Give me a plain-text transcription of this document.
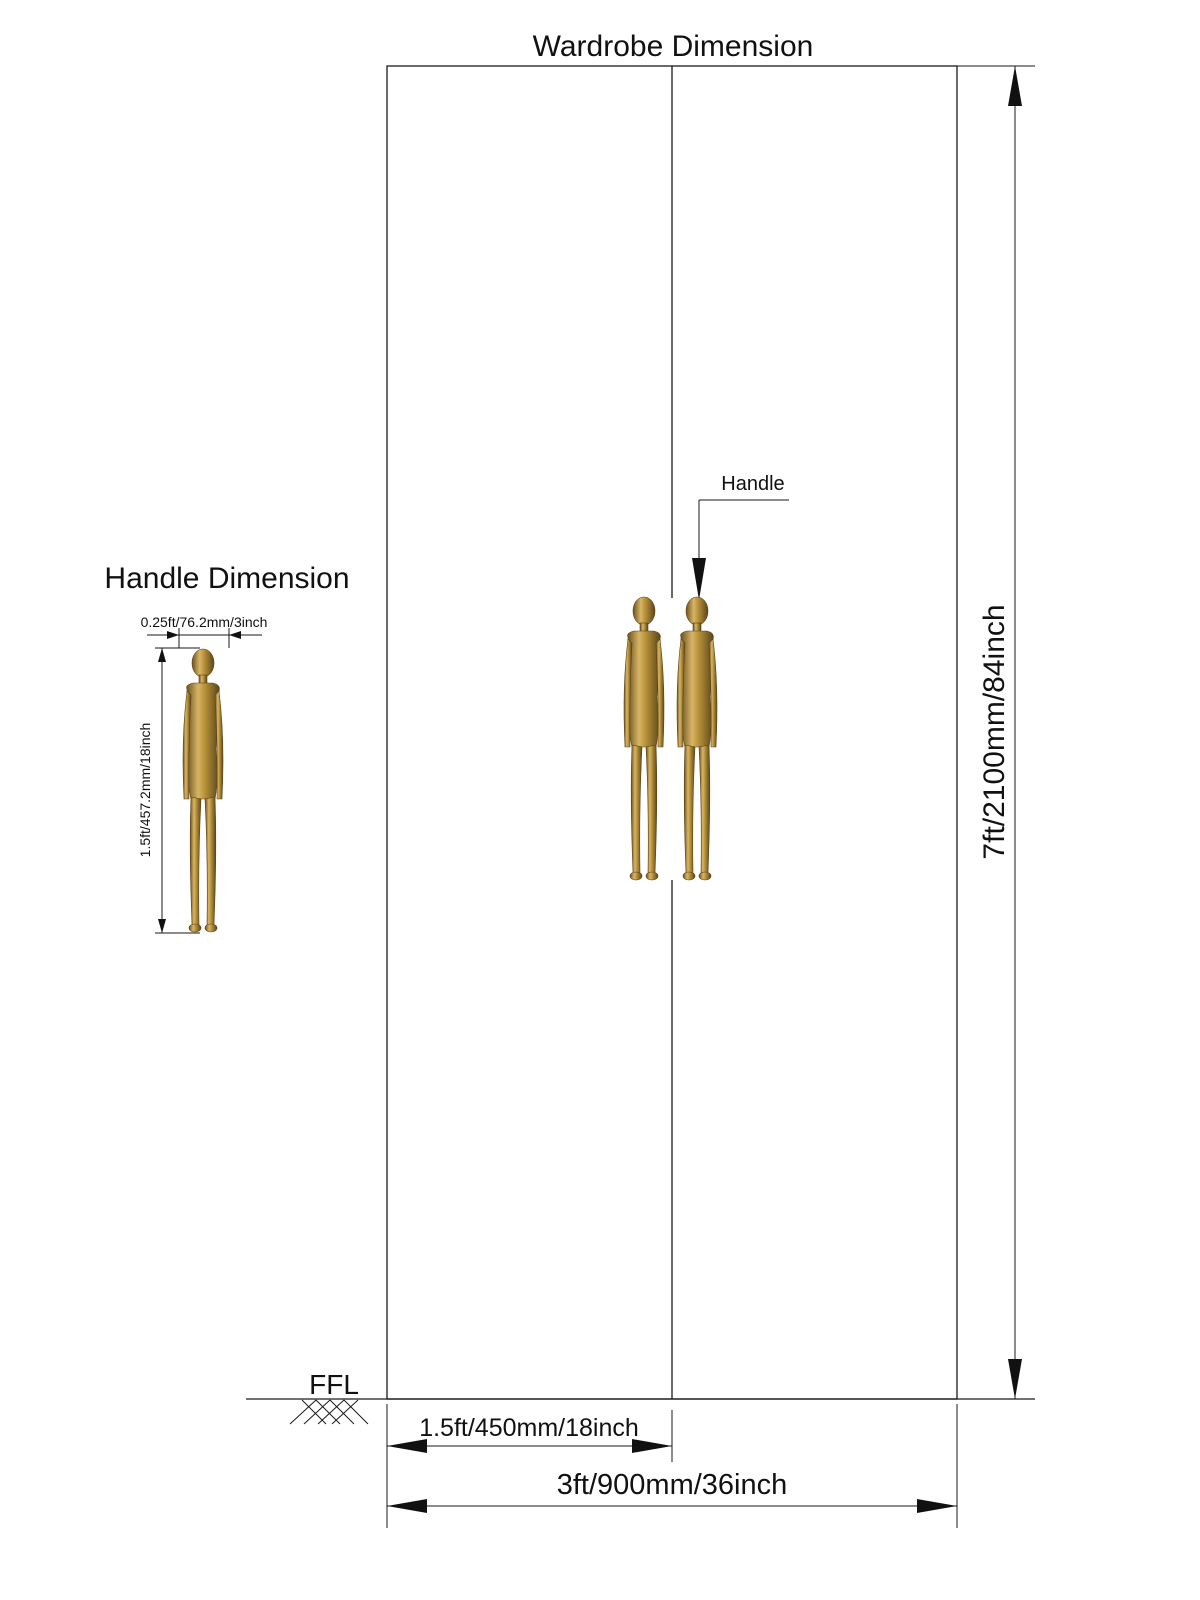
Wardrobe Dimension
Handle Dimension
FFL
7ft/2100mm/84inch
1.5ft/450mm/18inch
3ft/900mm/36inch
Handle
0.25ft/76.2mm/3inch
1.5ft/457.2mm/18inch
